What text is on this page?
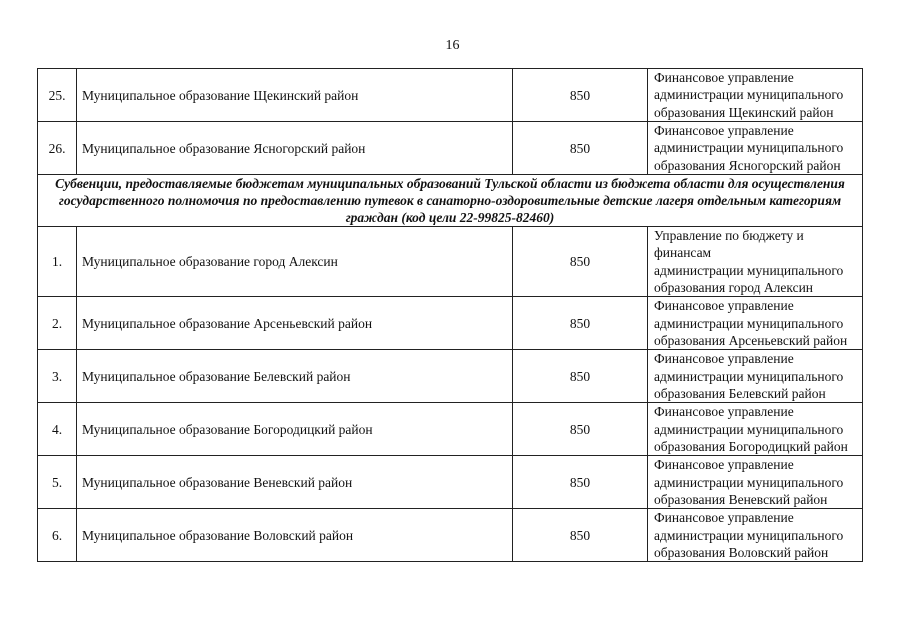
16
25.	Муниципальное образование Щекинский район	850	Финансовое управление
администрации муниципального
образования Щекинский район
26.	Муниципальное образование Ясногорский район	850	Финансовое управление
администрации муниципального
образования Ясногорский район
Субвенции, предоставляемые бюджетам муниципальных образований Тульской области из бюджета области для осуществления государственного полномочия по предоставлению путевок в санаторно-оздоровительные детские лагеря отдельным категориям граждан (код цели 22-99825-82460)			
1.	Муниципальное образование город Алексин	850	Управление по бюджету и финансам
администрации муниципального
образования город Алексин
2.	Муниципальное образование Арсеньевский район	850	Финансовое управление
администрации муниципального
образования Арсеньевский район
3.	Муниципальное образование Белевский район	850	Финансовое управление
администрации муниципального
образования Белевский район
4.	Муниципальное образование Богородицкий район	850	Финансовое управление
администрации муниципального
образования Богородицкий район
5.	Муниципальное образование Веневский район	850	Финансовое управление
администрации муниципального
образования Веневский район
6.	Муниципальное образование Воловский район	850	Финансовое управление
администрации муниципального
образования Воловский район
